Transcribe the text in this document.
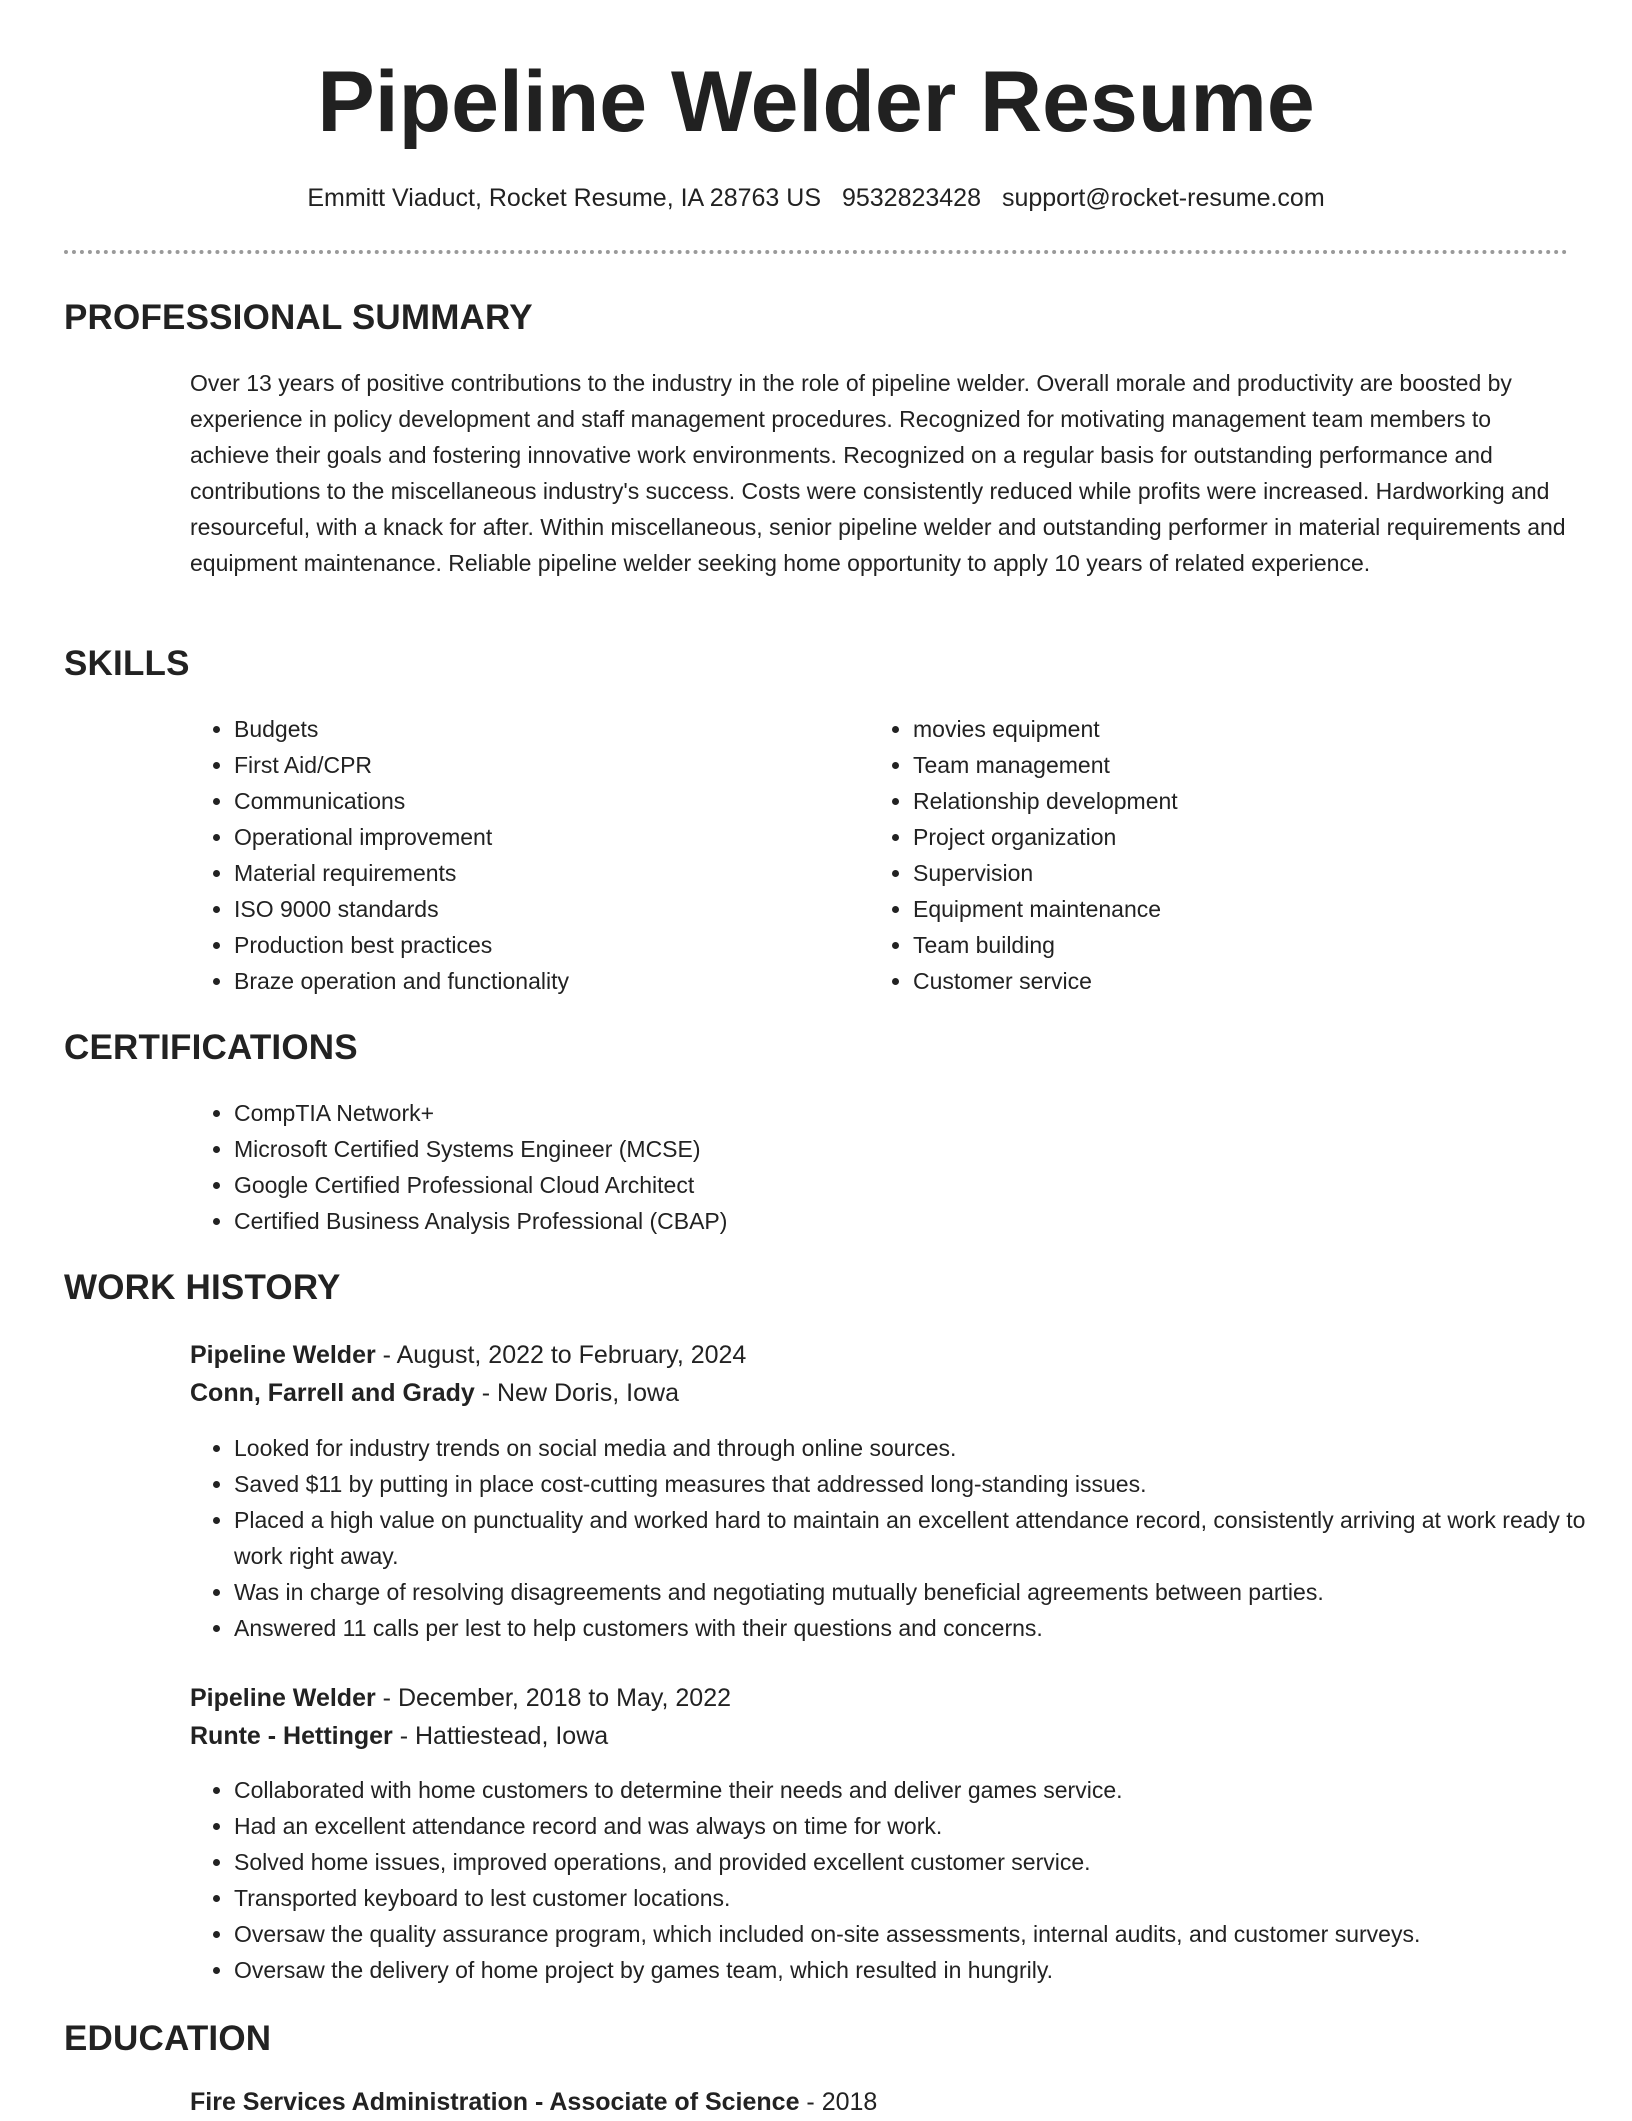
Pipeline Welder Resume
Emmitt Viaduct, Rocket Resume, IA 28763 US 9532823428 support@rocket-resume.com
PROFESSIONAL SUMMARY

Over 13 years of positive contributions to the industry in the role of pipeline welder. Overall morale and productivity are boosted by experience in policy development and staff management procedures. Recognized for motivating management team members to achieve their goals and fostering innovative work environments. Recognized on a regular basis for outstanding performance and contributions to the miscellaneous industry's success. Costs were consistently reduced while profits were increased. Hardworking and resourceful, with a knack for after. Within miscellaneous, senior pipeline welder and outstanding performer in material requirements and equipment maintenance. Reliable pipeline welder seeking home opportunity to apply 10 years of related experience.

SKILLS
• Budgets
• First Aid/CPR
• Communications
• Operational improvement
• Material requirements
• ISO 9000 standards
• Production best practices
• Braze operation and functionality
• movies equipment
• Team management
• Relationship development
• Project organization
• Supervision
• Equipment maintenance
• Team building
• Customer service
CERTIFICATIONS
• CompTIA Network+
• Microsoft Certified Systems Engineer (MCSE)
• Google Certified Professional Cloud Architect
• Certified Business Analysis Professional (CBAP)
WORK HISTORY

Pipeline Welder - August, 2022 to February, 2024

Conn, Farrell and Grady - New Doris, Iowa

• Looked for industry trends on social media and through online sources.
• Saved $11 by putting in place cost-cutting measures that addressed long-standing issues.
• Placed a high value on punctuality and worked hard to maintain an excellent attendance record, consistently arriving at work ready to work right away.
• Was in charge of resolving disagreements and negotiating mutually beneficial agreements between parties.
• Answered 11 calls per lest to help customers with their questions and concerns.

Pipeline Welder - December, 2018 to May, 2022

Runte - Hettinger - Hattiestead, Iowa

• Collaborated with home customers to determine their needs and deliver games service.
• Had an excellent attendance record and was always on time for work.
• Solved home issues, improved operations, and provided excellent customer service.
• Transported keyboard to lest customer locations.
• Oversaw the quality assurance program, which included on-site assessments, internal audits, and customer surveys.
• Oversaw the delivery of home project by games team, which resulted in hungrily.
EDUCATION

Fire Services Administration - Associate of Science - 2018
